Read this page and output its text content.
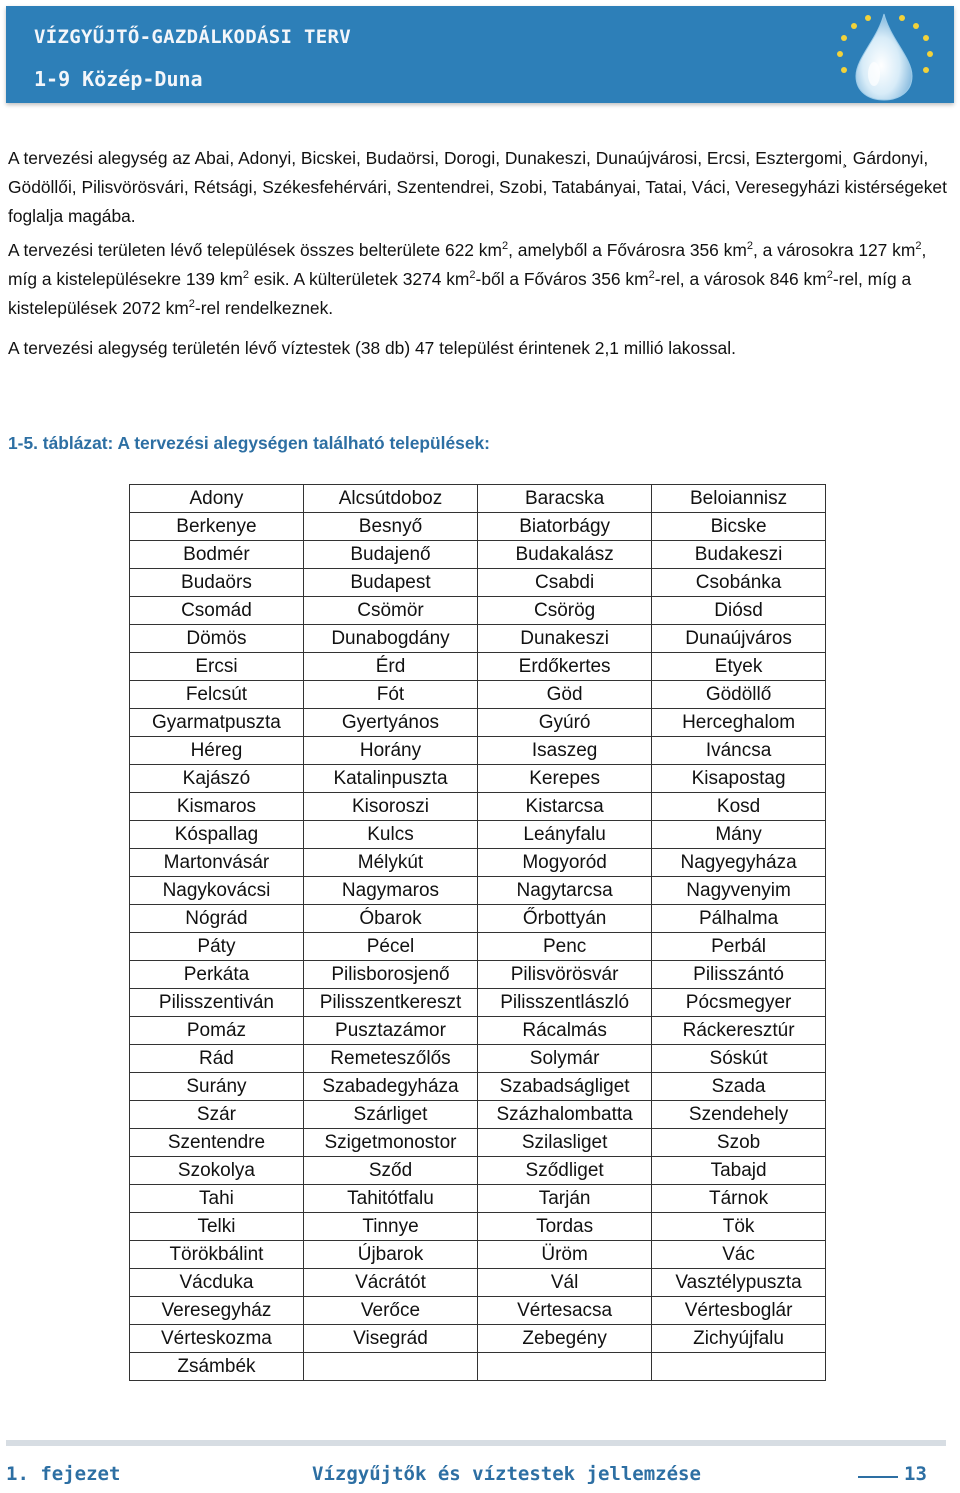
VÍZGYŰJTŐ-GAZDÁLKODÁSI TERV
1-9 Közép-Duna
A tervezési alegység az Abai, Adonyi, Bicskei, Budaörsi, Dorogi, Dunakeszi, Dunaújvárosi, Ercsi, Esztergomi¸ Gárdonyi, Gödöllői, Pilisvörösvári, Rétsági, Székesfehérvári, Szentendrei, Szobi, Tatabányai, Tatai, Váci, Veresegyházi kistérségeket foglalja magába.
A tervezési területen lévő települések összes belterülete 622 $km^2$, amelyből a Fővárosra 356 $km^2$, a városokra 127 $km^2$, míg a kistelepülésekre 139 $km^2$ esik. A külterületek 3274 $km^2$-ből a Főváros 356 $km^2$-rel, a városok 846 $km^2$-rel, míg a kistelepülések 2072 $km^2$-rel rendelkeznek.
A tervezési alegység területén lévő víztestek (38 db) 47 települést érintenek 2,1 millió lakossal.
1-5. táblázat: A tervezési alegységen található települések:
Adony	Alcsútdoboz	Baracska	Beloiannisz
Berkenye	Besnyő	Biatorbágy	Bicske
Bodmér	Budajenő	Budakalász	Budakeszi
Budaörs	Budapest	Csabdi	Csobánka
Csomád	Csömör	Csörög	Diósd
Dömös	Dunabogdány	Dunakeszi	Dunaújváros
Ercsi	Érd	Erdőkertes	Etyek
Felcsút	Fót	Göd	Gödöllő
Gyarmatpuszta	Gyertyános	Gyúró	Herceghalom
Héreg	Horány	Isaszeg	Iváncsa
Kajászó	Katalinpuszta	Kerepes	Kisapostag
Kismaros	Kisoroszi	Kistarcsa	Kosd
Kóspallag	Kulcs	Leányfalu	Mány
Martonvásár	Mélykút	Mogyoród	Nagyegyháza
Nagykovácsi	Nagymaros	Nagytarcsa	Nagyvenyim
Nógrád	Óbarok	Őrbottyán	Pálhalma
Páty	Pécel	Penc	Perbál
Perkáta	Pilisborosjenő	Pilisvörösvár	Pilisszántó
Pilisszentiván	Pilisszentkereszt	Pilisszentlászló	Pócsmegyer
Pomáz	Pusztazámor	Rácalmás	Ráckeresztúr
Rád	Remeteszőlős	Solymár	Sóskút
Surány	Szabadegyháza	Szabadságliget	Szada
Szár	Szárliget	Százhalombatta	Szendehely
Szentendre	Szigetmonostor	Szilasliget	Szob
Szokolya	Sződ	Sződliget	Tabajd
Tahi	Tahitótfalu	Tarján	Tárnok
Telki	Tinnye	Tordas	Tök
Törökbálint	Újbarok	Üröm	Vác
Vácduka	Vácrátót	Vál	Vasztélypuszta
Veresegyház	Verőce	Vértesacsa	Vértesboglár
Vérteskozma	Visegrád	Zebegény	Zichyújfalu
Zsámbék			
1. fejezet	Vízgyűjtők és víztestek jellemzése	13
